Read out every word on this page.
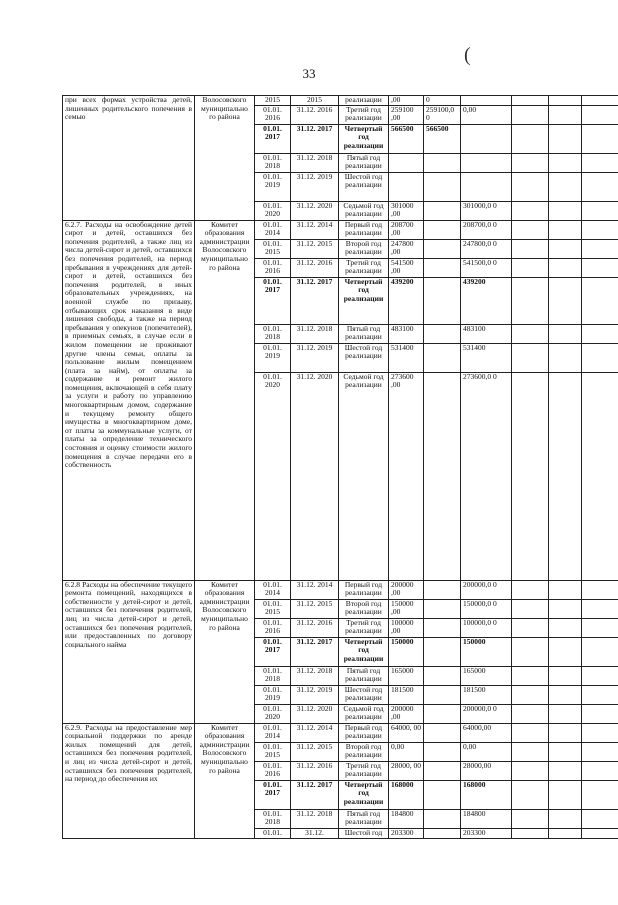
33
(
при всех формах устройства детей, лишенных родительского попечения в семью	Волосовского муниципально го района	2015	2015	реализации	,00	0				
		01.01. 2016	31.12. 2016	Третий год реализации	259100 ,00	259100,0 0	0,00			
		01.01. 2017	31.12. 2017	Четвертый год реализации	566500	566500				
		01.01. 2018	31.12. 2018	Пятый год реализации						
		01.01. 2019	31.12. 2019	Шестой год реализации						
		01.01. 2020	31.12. 2020	Седьмой год реализации	301000 ,00		301000,0 0			
6.2.7. Расходы на освобождение детей сирот и детей, оставшихся без попечения родителей, а также лиц из числа детей-сирот и детей, оставшихся без попечения родителей, на период пребывания в учреждениях для детей-сирот и детей, оставшихся без попечения родителей, в иных образовательных учреждениях, на военной службе по призыву, отбывающих срок наказания в виде лишения свободы, а также на период пребывания у опекунов (попечителей), в приемных семьях, в случае если в жилом помещении не проживают другие члены семьи, оплаты за пользование жилым помещением (плата за найм), от оплаты за содержание и ремонт жилого помещения, включающей в себя плату за услуги и работу по управлению многоквартирным домом, содержание и текущему ремонту общего имущества в многоквартирном доме, от платы за коммунальные услуги, от платы за определение технического состояния и оценку стоимости жилого помещения в случае передачи его в собственность	Комитет образования администрации Волосовского муниципально го района	01.01. 2014	31.12. 2014	Первый год реализации	208700 ,00		208700,0 0			
		01.01. 2015	31.12. 2015	Второй год реализации	247800 ,00		247800,0 0			
		01.01. 2016	31.12. 2016	Третий год реализации	541500 ,00		541500,0 0			
		01.01. 2017	31.12. 2017	Четвертый год реализации	439200		439200			
		01.01. 2018	31.12. 2018	Пятый год реализации	483100		483100			
		01.01. 2019	31.12. 2019	Шестой год реализации	531400		531400			
		01.01. 2020	31.12. 2020	Седьмой год реализации	273600 ,00		273600,0 0			
6.2.8 Расходы на обеспечение текущего ремонта помещений, находящихся в собственности у детей-сирот и детей, оставшихся без попечения родителей, лиц из числа детей-сирот и детей, оставшихся без попечения родителей, или предоставленных по договору социального найма	Комитет образования администрации Волосовского муниципально го района	01.01. 2014	31.12. 2014	Первый год реализации	200000 ,00		200000,0 0			
		01.01. 2015	31.12. 2015	Второй год реализации	150000 ,00		150000,0 0			
		01.01. 2016	31.12. 2016	Третий год реализации	100000 ,00		100000,0 0			
		01.01. 2017	31.12. 2017	Четвертый год реализации	150000		150000			
		01.01. 2018	31.12. 2018	Пятый год реализации	165000		165000			
		01.01. 2019	31.12. 2019	Шестой год реализации	181500		181500			
		01.01. 2020	31.12. 2020	Седьмой год реализации	200000 ,00		200000,0 0			
6.2.9. Расходы на предоставление мер социальной поддержки по аренде жилых помещений для детей, оставшихся без попечения родителей, и лиц из числа детей-сирот и детей, оставшихся без попечения родителей, на период до обеспечения их	Комитет образования администрации Волосовского муниципально го района	01.01. 2014	31.12. 2014	Первый год реализации	64000, 00		64000,00			
		01.01. 2015	31.12. 2015	Второй год реализации	0,00		0,00			
		01.01. 2016	31.12. 2016	Третий год реализации	28000, 00		28000,00			
		01.01. 2017	31.12. 2017	Четвертый год реализации	168000		168000			
		01.01. 2018	31.12. 2018	Пятый год реализации	184800		184800			
		01.01.	31.12.	Шестой год	203300		203300			
